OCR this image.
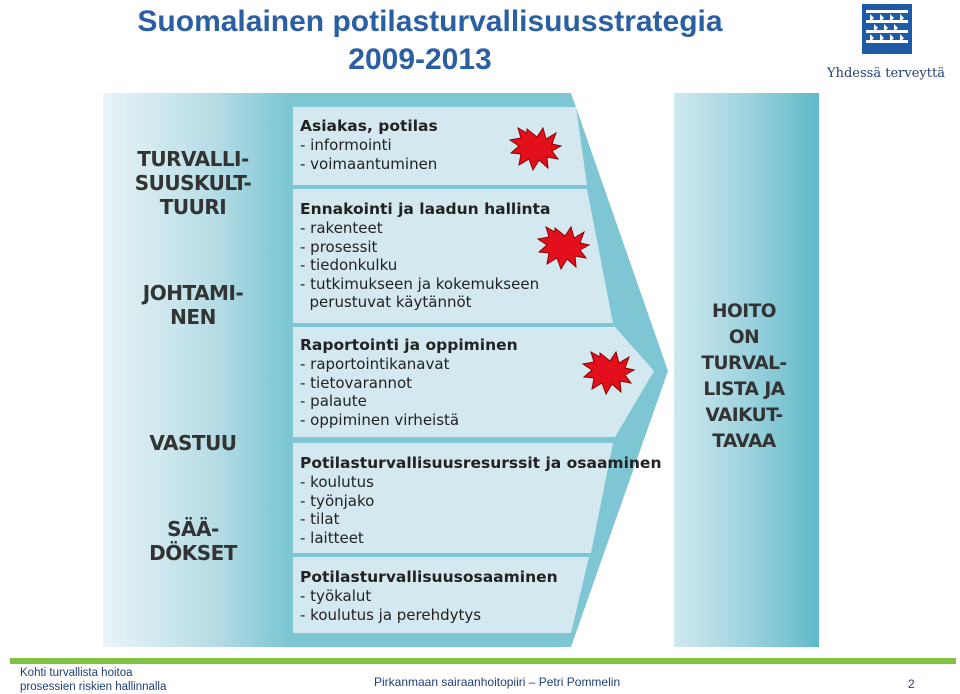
Suomalainen potilasturvallisuusstrategia
2009-2013	Yhdessä terveyttä
TURVALLI-
SUUSKULT-
TUURI
JOHTAMI-
NEN
VASTUU
SÄÄ-
DÖKSET
Asiakas, potilas
- informointi
- voimaantuminen
Ennakointi ja laadun hallinta
- rakenteet
- prosessit
- tiedonkulku
- tutkimukseen ja kokemukseen
perustuvat käytännöt
Raportointi ja oppiminen
- raportointikanavat
- tietovarannot
- palaute
- oppiminen virheistä
Potilasturvallisuusresurssit ja osaaminen
- koulutus
- työnjako
- tilat
- laitteet
Potilasturvallisuusosaaminen
- työkalut
- koulutus ja perehdytys
HOITO
ON
TURVAL-
LISTA JA
VAIKUT-
TAVAA
Kohti turvallista hoitoa
prosessien riskien hallinnalla	Pirkanmaan sairaanhoitopiiri – Petri Pommelin	2
